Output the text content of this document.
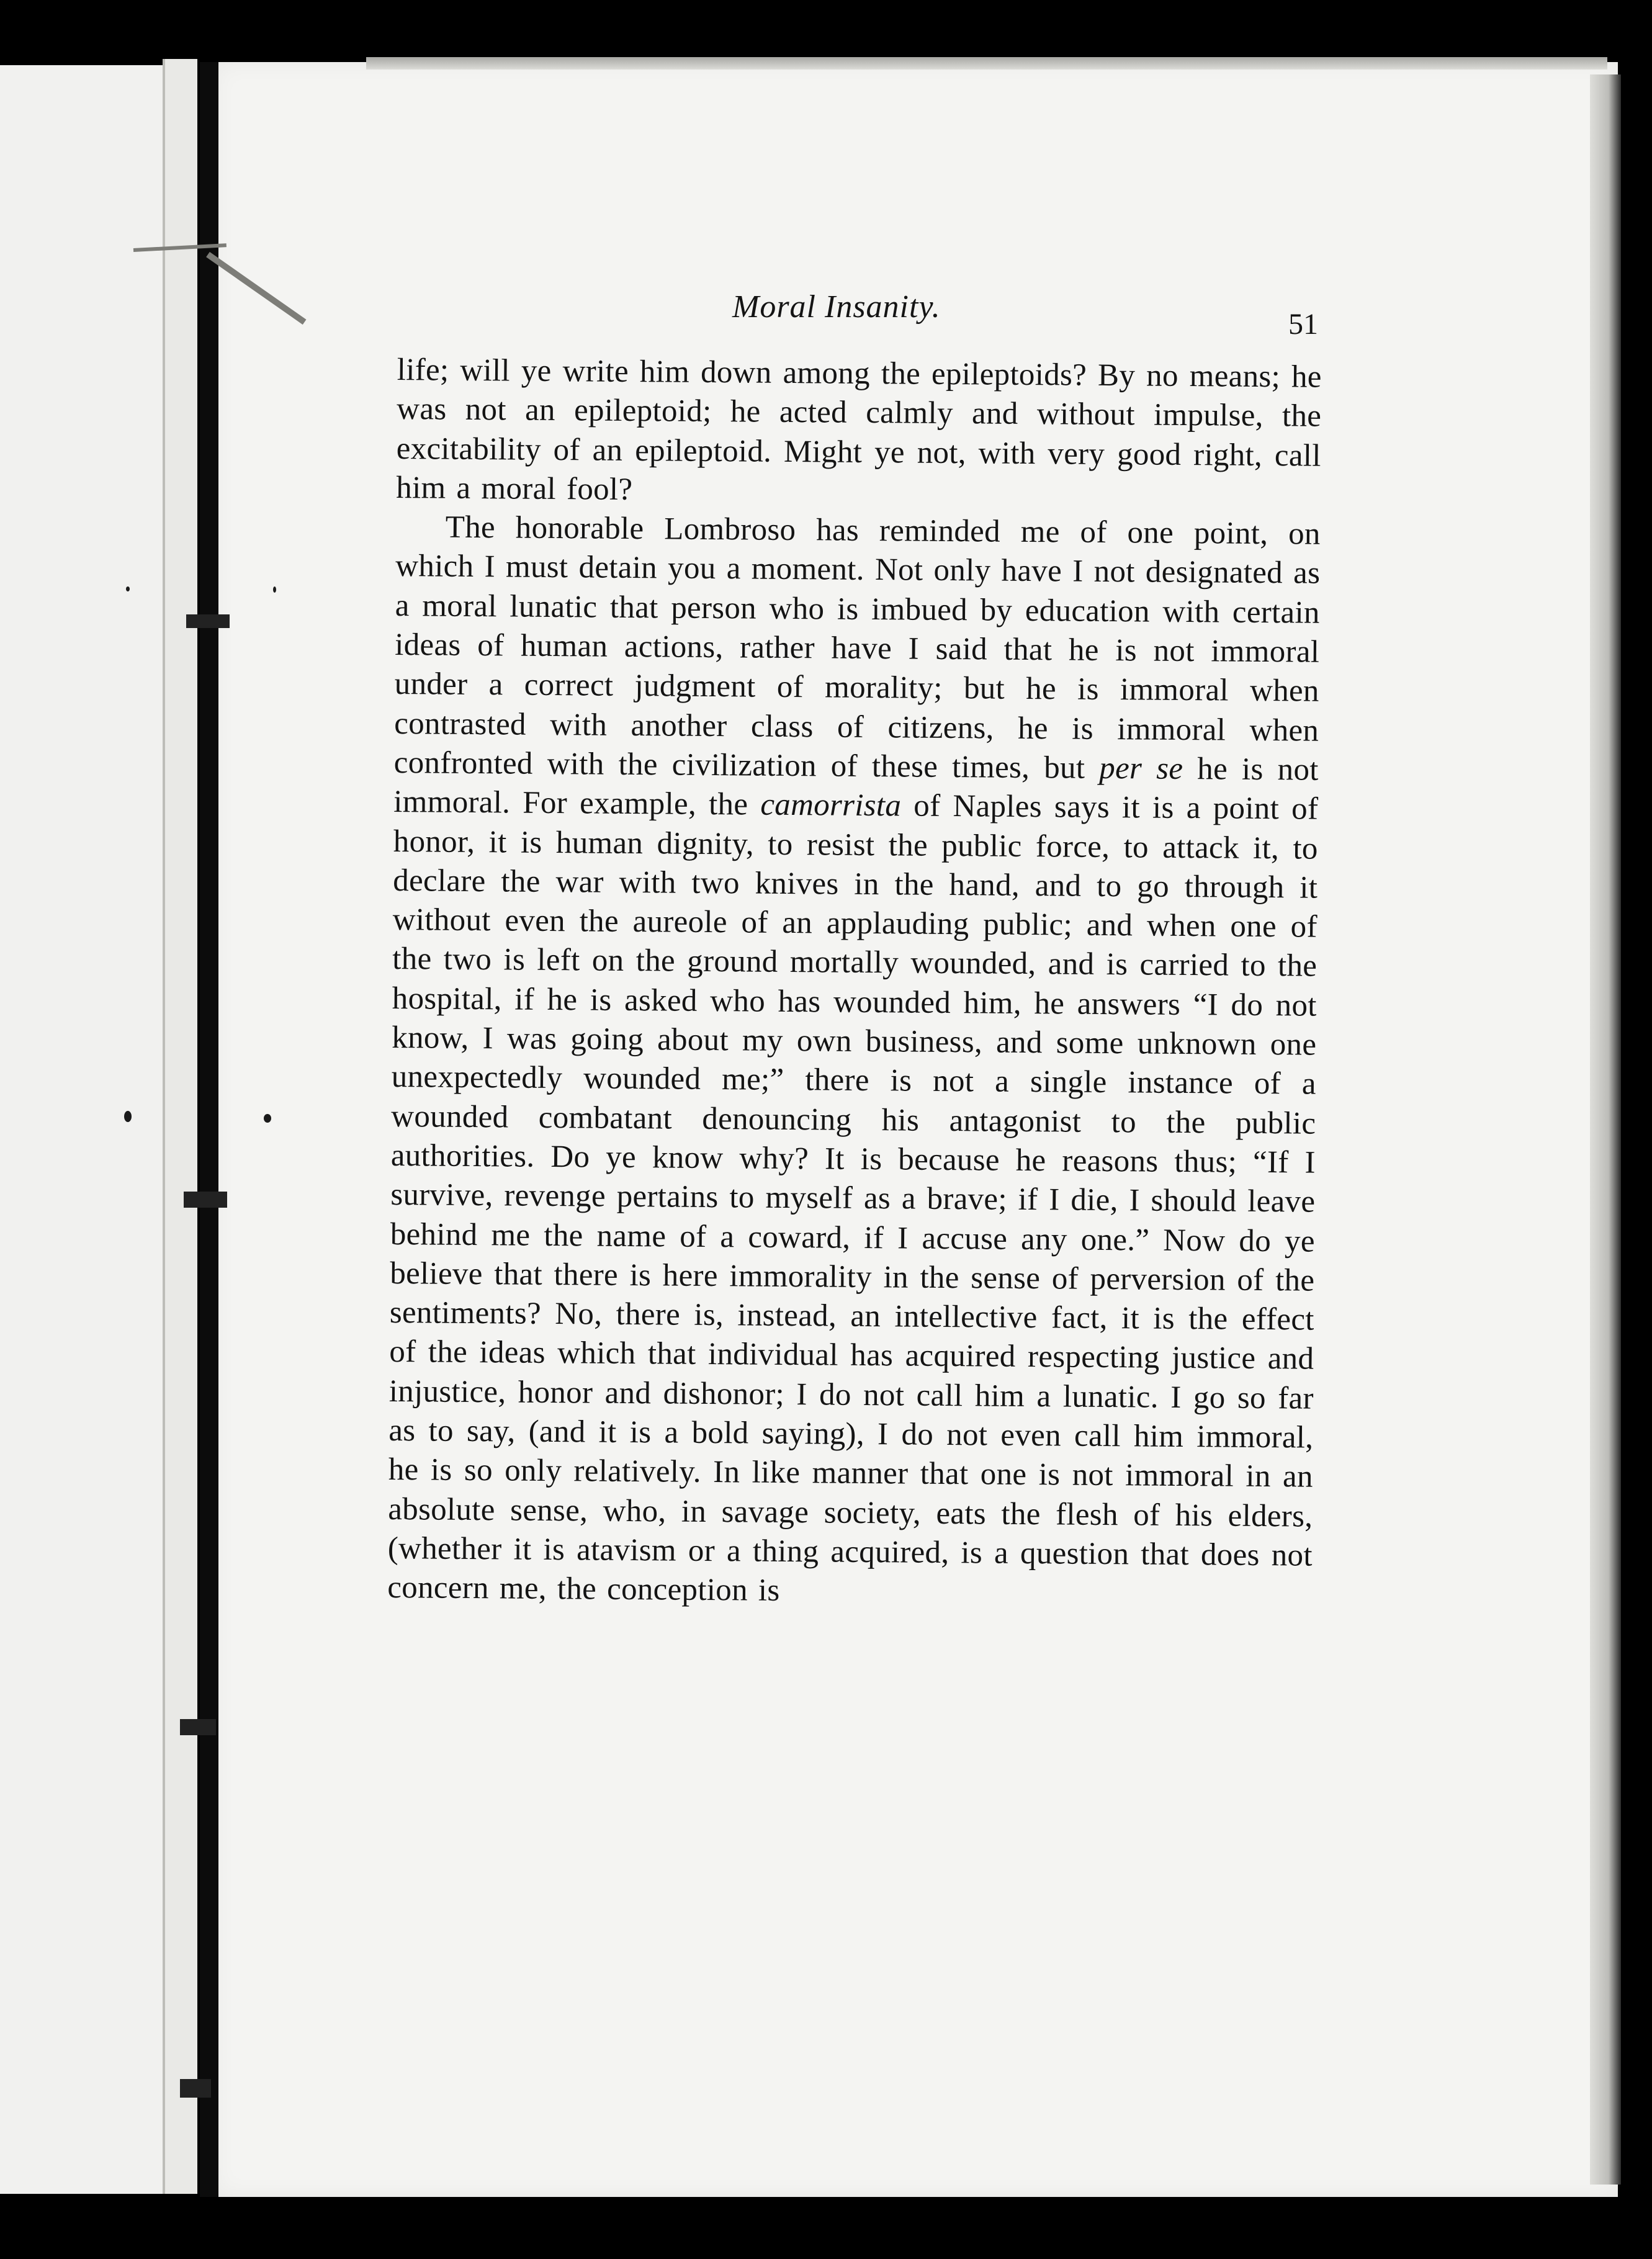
Moral Insanity.	51

life; will ye write him down among the epileptoids? By no means; he was not an epileptoid; he acted calmly and without impulse, the excitability of an epileptoid. Might ye not, with very good right, call him a moral fool?

The honorable Lombroso has reminded me of one point, on which I must detain you a moment. Not only have I not designated as a moral lunatic that person who is imbued by education with certain ideas of human actions, rather have I said that he is not immoral under a correct judgment of morality; but he is immoral when contrasted with another class of citizens, he is immoral when confronted with the civilization of these times, but per se he is not immoral. For example, the camorrista of Naples says it is a point of honor, it is human dignity, to resist the public force, to attack it, to declare the war with two knives in the hand, and to go through it without even the aureole of an applauding public; and when one of the two is left on the ground mortally wounded, and is carried to the hospital, if he is asked who has wounded him, he answers “I do not know, I was going about my own business, and some unknown one unexpectedly wounded me;” there is not a single instance of a wounded combatant denouncing his antagonist to the public authorities. Do ye know why? It is because he reasons thus; “If I survive, revenge pertains to myself as a brave; if I die, I should leave behind me the name of a coward, if I accuse any one.” Now do ye believe that there is here immorality in the sense of perversion of the sentiments? No, there is, instead, an intellective fact, it is the effect of the ideas which that individual has acquired respecting justice and injustice, honor and dishonor; I do not call him a lunatic. I go so far as to say, (and it is a bold saying), I do not even call him immoral, he is so only relatively. In like manner that one is not immoral in an absolute sense, who, in savage society, eats the flesh of his elders, (whether it is atavism or a thing acquired, is a question that does not concern me, the conception is
